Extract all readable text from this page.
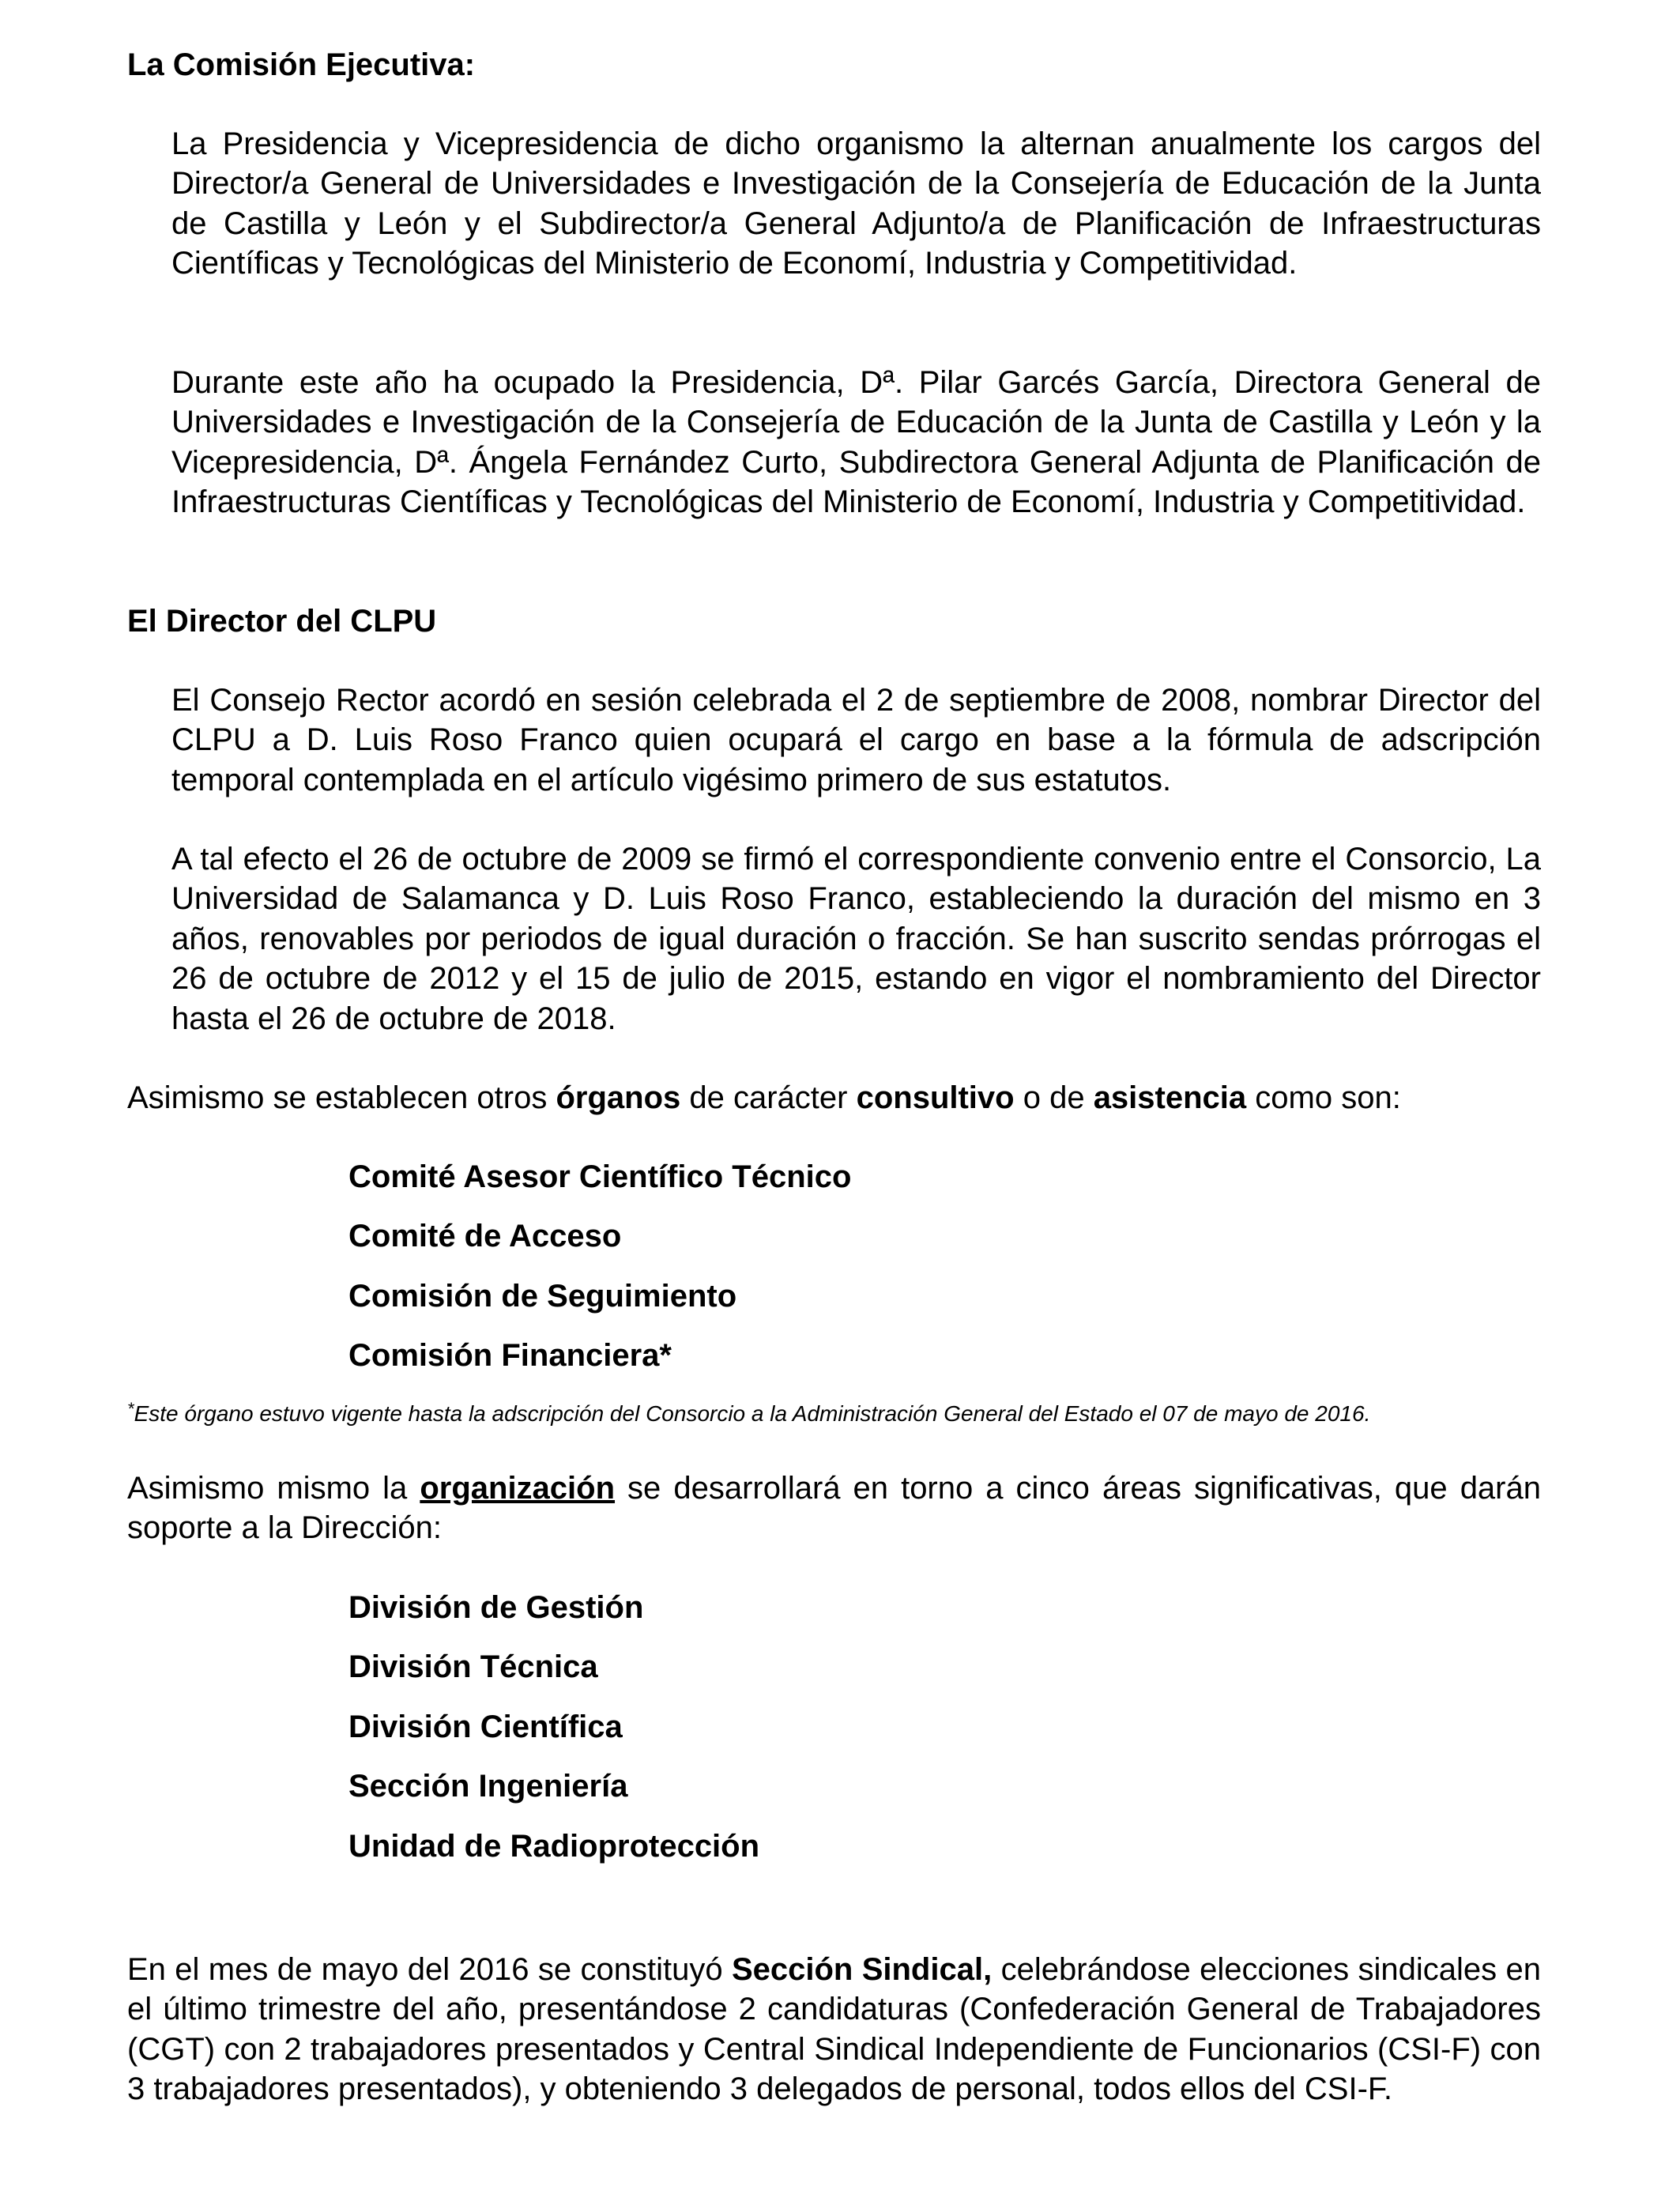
La Comisión Ejecutiva:

La Presidencia y Vicepresidencia de dicho organismo la alternan anualmente los cargos del Director/a General de Universidades e Investigación de la Consejería de Educación de la Junta de Castilla y León y el Subdirector/a General Adjunto/a de Planificación de Infraestructuras Científicas y Tecnológicas del Ministerio de Economí, Industria y Competitividad.

Durante este año ha ocupado la Presidencia, Dª. Pilar Garcés García, Directora General de Universidades e Investigación de la Consejería de Educación de la Junta de Castilla y León y la Vicepresidencia, Dª. Ángela Fernández Curto, Subdirectora General Adjunta de Planificación de Infraestructuras Científicas y Tecnológicas del Ministerio de Economí, Industria y Competitividad.

El Director del CLPU

El Consejo Rector acordó en sesión celebrada el 2 de septiembre de 2008, nombrar Director del CLPU a D. Luis Roso Franco quien ocupará el cargo en base a la fórmula de adscripción temporal contemplada en el artículo vigésimo primero de sus estatutos.

A tal efecto el 26 de octubre de 2009 se firmó el correspondiente convenio entre el Consorcio, La Universidad de Salamanca y D. Luis Roso Franco, estableciendo la duración del mismo en 3 años, renovables por periodos de igual duración o fracción. Se han suscrito sendas prórrogas el 26 de octubre de 2012 y el 15 de julio de 2015, estando en vigor el nombramiento del Director hasta el 26 de octubre de 2018.

Asimismo se establecen otros órganos de carácter consultivo o de asistencia como son:

Comité Asesor Científico Técnico

Comité de Acceso

Comisión de Seguimiento

Comisión Financiera*

*Este órgano estuvo vigente hasta la adscripción del Consorcio a la Administración General del Estado el 07 de mayo de 2016.

Asimismo mismo la organización se desarrollará en torno a cinco áreas significativas, que darán soporte a la Dirección:

División de Gestión

División Técnica

División Científica

Sección Ingeniería

Unidad de Radioprotección

En el mes de mayo del 2016 se constituyó Sección Sindical, celebrándose elecciones sindicales en el último trimestre del año, presentándose 2 candidaturas (Confederación General de Trabajadores (CGT) con 2 trabajadores presentados y Central Sindical Independiente de Funcionarios (CSI-F) con 3 trabajadores presentados), y obteniendo 3 delegados de personal, todos ellos del CSI-F.
